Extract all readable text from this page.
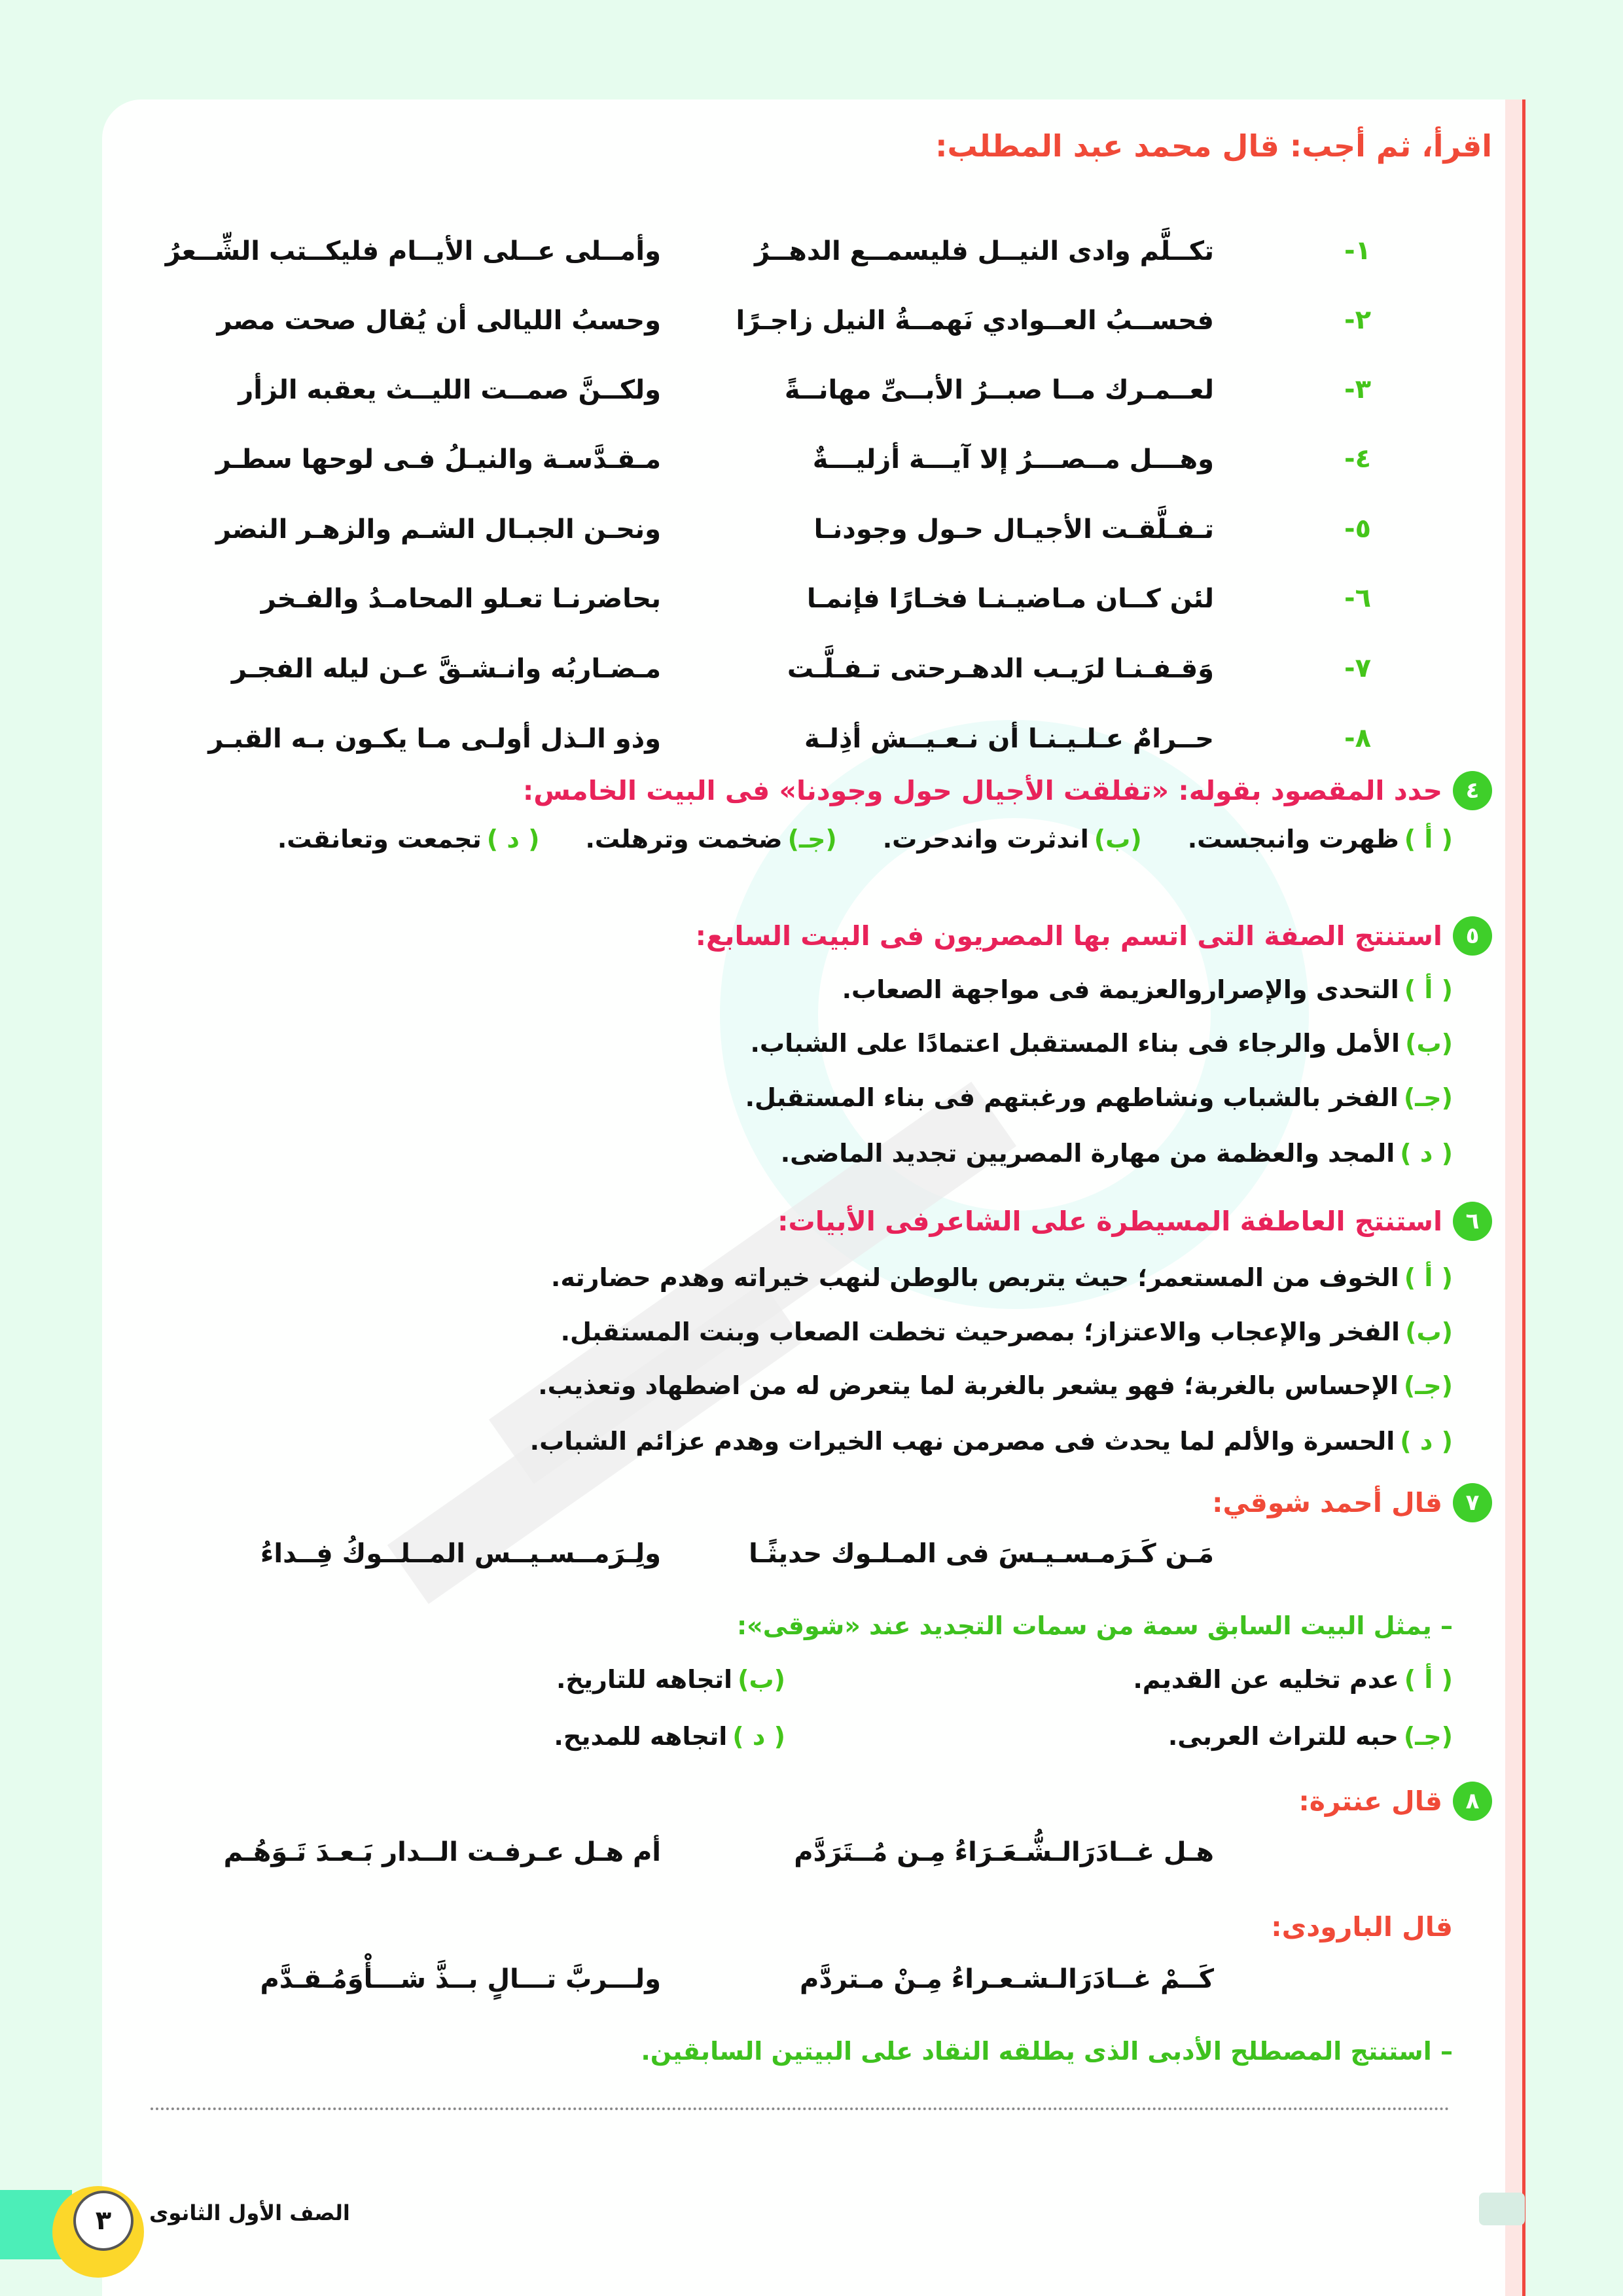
اقرأ، ثم أجب: قال محمد عبد المطلب:
١-
تكــلَّم وادى النيــل فليسمــع الدهــرُ
وأمــلى عــلى الأيــام فليكــتب الشِّــعرُ
٢-
فحســبُ العــوادي نَهمــةُ النيل زاجـرًا
وحسبُ الليالى أن يُقال صحت مصر
٣-
لعــمـرك مــا صبــرُ الأبــىِّ مهانــةً
ولكــنَّ صمــت الليــث يعقبه الزأر
٤-
وهـــل مــصـــرُ إلا آيـــة أزليـــةٌ
مـقـدَّسـة والنيـلُ فـى لوحها سطـر
٥-
تـفـلَّقـت الأجيـال حـول وجودنـا
ونحـن الجبـال الشـم والزهـر النضر
٦-
لئن كــان مـاضيـنـا فخـارًا فإنمـا
بحاضرنـا تعـلو المحامـدُ والفـخر
٧-
وَقـفـنـا لرَيـب الدهـرحتى تـفـلَّـت
مـضـاربُه وانـشـقَّ عـن ليله الفجـر
٨-
حــرامٌ عـلـيـنـا أن نـعـيــش أذِلـة
وذو الـذل أولـى مـا يكـون بـه القبـر
٤
حدد المقصود بقوله: «تفلقت الأجيال حول وجودنا» فى البيت الخامس:
( أ )
ظهرت وانبجست.
(ب)
اندثرت واندحرت.
(جـ)
ضخمت وترهلت.
( د )
تجمعت وتعانقت.
٥
استنتج الصفة التى اتسم بها المصريون فى البيت السابع:
( أ )
التحدى والإصراروالعزيمة فى مواجهة الصعاب.
(ب)
الأمل والرجاء فى بناء المستقبل اعتمادًا على الشباب.
(جـ)
الفخر بالشباب ونشاطهم ورغبتهم فى بناء المستقبل.
( د )
المجد والعظمة من مهارة المصريين تجديد الماضى.
٦
استنتج العاطفة المسيطرة على الشاعرفى الأبيات:
( أ )
الخوف من المستعمر؛ حيث يتربص بالوطن لنهب خيراته وهدم حضارته.
(ب)
الفخر والإعجاب والاعتزاز؛ بمصرحيث تخطت الصعاب وبنت المستقبل.
(جـ)
الإحساس بالغربة؛ فهو يشعر بالغربة لما يتعرض له من اضطهاد وتعذيب.
( د )
الحسرة والألم لما يحدث فى مصرمن نهب الخيرات وهدم عزائم الشباب.
٧
قال أحمد شوقي:
مَـن كَـرَمـسـيـسَ فى المـلـوك حديثًـا
ولِـرَمــسـيــس المــلــوكُ فِــداءُ
– يمثل البيت السابق سمة من سمات التجديد عند «شوقى»:
( أ )
عدم تخليه عن القديم.
(ب)
اتجاهه للتاريخ.
(جـ)
حبه للتراث العربى.
( د )
اتجاهه للمديح.
٨
قال عنترة:
هـل غــادَرَالـشُّـعَـرَاءُ مِـن مُــتَرَدَّم
أم هـل عـرفـت الــدار بَـعـدَ تَـوَهُـم
قال البارودى:
كَــمْ غــادَرَالـشـعـراءُ مِـنْ مـتردَّم
ولـــربَّ تـــالٍ بــذَّ شـــأْوَمُـقـدَّم
– استنتج المصطلح الأدبى الذى يطلقه النقاد على البيتين السابقين.
٣	الصف الأول الثانوى
